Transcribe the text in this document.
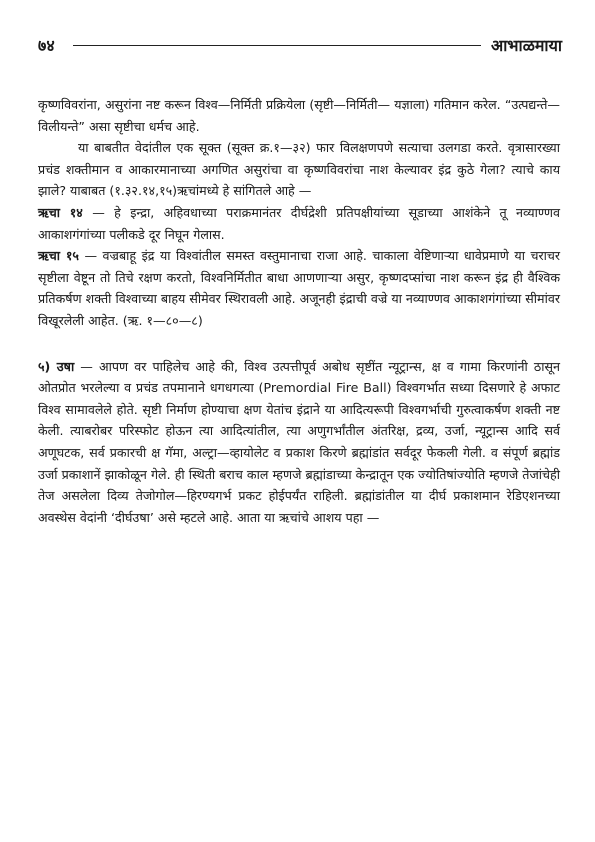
७४	आभाळमाया

कृष्णविवरांना, असुरांना नष्ट करून विश्व—निर्मिती प्रक्रियेला (सृष्टी—निर्मिती— यज्ञाला) गतिमान करेल. “उत्पद्यन्ते—विलीयन्ते” असा सृष्टीचा धर्मच आहे.

या बाबतीत वेदांतील एक सूक्त (सूक्त क्र.१—३२) फार विलक्षणपणे सत्याचा उलगडा करते. वृत्रासारख्या प्रचंड शक्तीमान व आकारमानाच्या अगणित असुरांचा वा कृष्णविवरांचा नाश केल्यावर इंद्र कुठे गेला? त्याचे काय झाले? याबाबत (१.३२.१४,१५)ऋचांमध्ये हे सांगितले आहे —

ऋचा १४ — हे इन्द्रा, अहिवधाच्या पराक्रमानंतर दीर्घद्रेशी प्रतिपक्षीयांच्या सूडाच्या आशंकेने तू नव्याण्णव आकाशगंगांच्या पलीकडे दूर निघून गेलास.

ऋचा १५ — वज्रबाहू इंद्र या विश्वांतील समस्त वस्तुमानाचा राजा आहे. चाकाला वेष्टिणाऱ्या धावेप्रमाणे या चराचर सृष्टीला वेष्टून तो तिचे रक्षण करतो, विश्वनिर्मितीत बाधा आणणाऱ्या असुर, कृष्णदप्सांचा नाश करून इंद्र ही वैश्विक प्रतिकर्षण शक्ती विश्वाच्या बाहय सीमेवर स्थिरावली आहे. अजूनही इंद्राची वज्रे या नव्याण्णव आकाशगंगांच्या सीमांवर विखूरलेली आहेत. (ऋ. १—८०—८)

५) उषा — आपण वर पाहिलेच आहे की, विश्व उत्पत्तीपूर्व अबोध सृष्टींत न्यूट्रान्स, क्ष व गामा किरणांनी ठासून ओतप्रोत भरलेल्या व प्रचंड तपमानाने धगधगत्या (Premordial Fire Ball) विश्वगर्भात सध्या दिसणारे हे अफाट विश्व सामावलेले होते. सृष्टी निर्माण होण्याचा क्षण येतांच इंद्राने या आदित्यरूपी विश्वगर्भाची गुरुत्वाकर्षण शक्ती नष्ट केली. त्याबरोबर परिस्फोट होऊन त्या आदित्यांतील, त्या अणुगर्भांतील अंतरिक्ष, द्रव्य, उर्जा, न्यूट्रान्स आदि सर्व अणूघटक, सर्व प्रकारची क्ष गॅमा, अल्ट्रा—व्हायोलेट व प्रकाश किरणे ब्रह्मांडांत सर्वदूर फेकली गेली. व संपूर्ण ब्रह्मांड उर्जा प्रकाशानें झाकोळून गेले. ही स्थिती बराच काल म्हणजे ब्रह्मांडाच्या केन्द्रातून एक ज्योतिषांज्योति म्हणजे तेजांचेही तेज असलेला दिव्य तेजोगोल—हिरण्यगर्भ प्रकट होईपर्यंत राहिली. ब्रह्मांडांतील या दीर्घ प्रकाशमान रेडिएशनच्या अवस्थेस वेदांनी ‘दीर्घउषा’ असे म्हटले आहे. आता या ऋचांचे आशय पहा —
